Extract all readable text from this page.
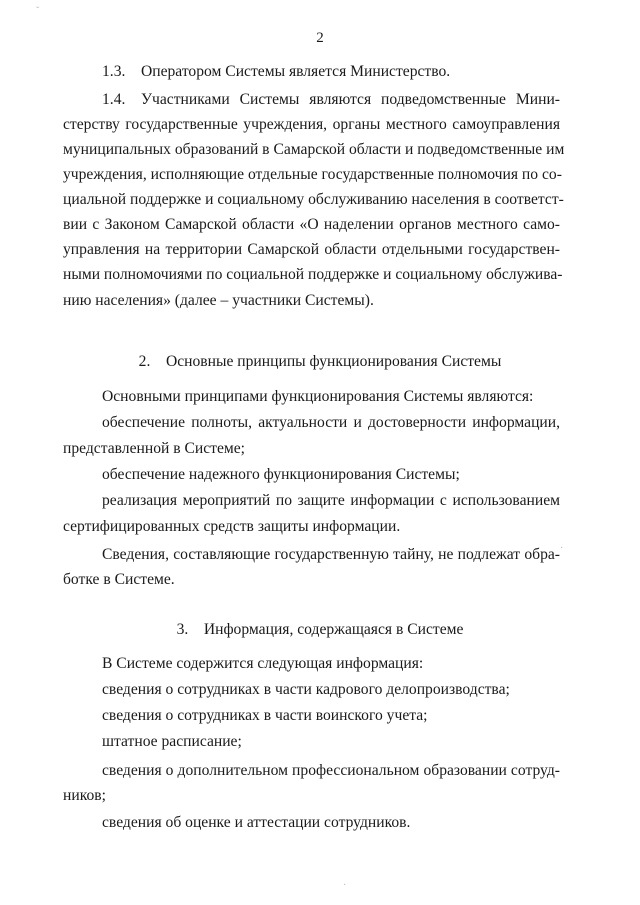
ˇ
2
1.3. Оператором Системы является Министерство.
1.4. Участниками Системы являются подведомственные Мини-
стерству государственные учреждения, органы местного самоуправления
муниципальных образований в Самарской области и подведомственные им
учреждения, исполняющие отдельные государственные полномочия по со-
циальной поддержке и социальному обслуживанию населения в соответст-
вии с Законом Самарской области «О наделении органов местного само-
управления на территории Самарской области отдельными государствен-
ными полномочиями по социальной поддержке и социальному обслужива-
нию населения» (далее – участники Системы).
2. Основные принципы функционирования Системы
Основными принципами функционирования Системы являются:
обеспечение полноты, актуальности и достоверности информации,
представленной в Системе;
обеспечение надежного функционирования Системы;
реализация мероприятий по защите информации с использованием
сертифицированных средств защиты информации.
Сведения, составляющие государственную тайну, не подлежат обра-
ботке в Системе.
3. Информация, содержащаяся в Системе
В Системе содержится следующая информация:
сведения о сотрудниках в части кадрового делопроизводства;
сведения о сотрудниках в части воинского учета;
штатное расписание;
сведения о дополнительном профессиональном образовании сотруд-
ников;
сведения об оценке и аттестации сотрудников.
·
·
